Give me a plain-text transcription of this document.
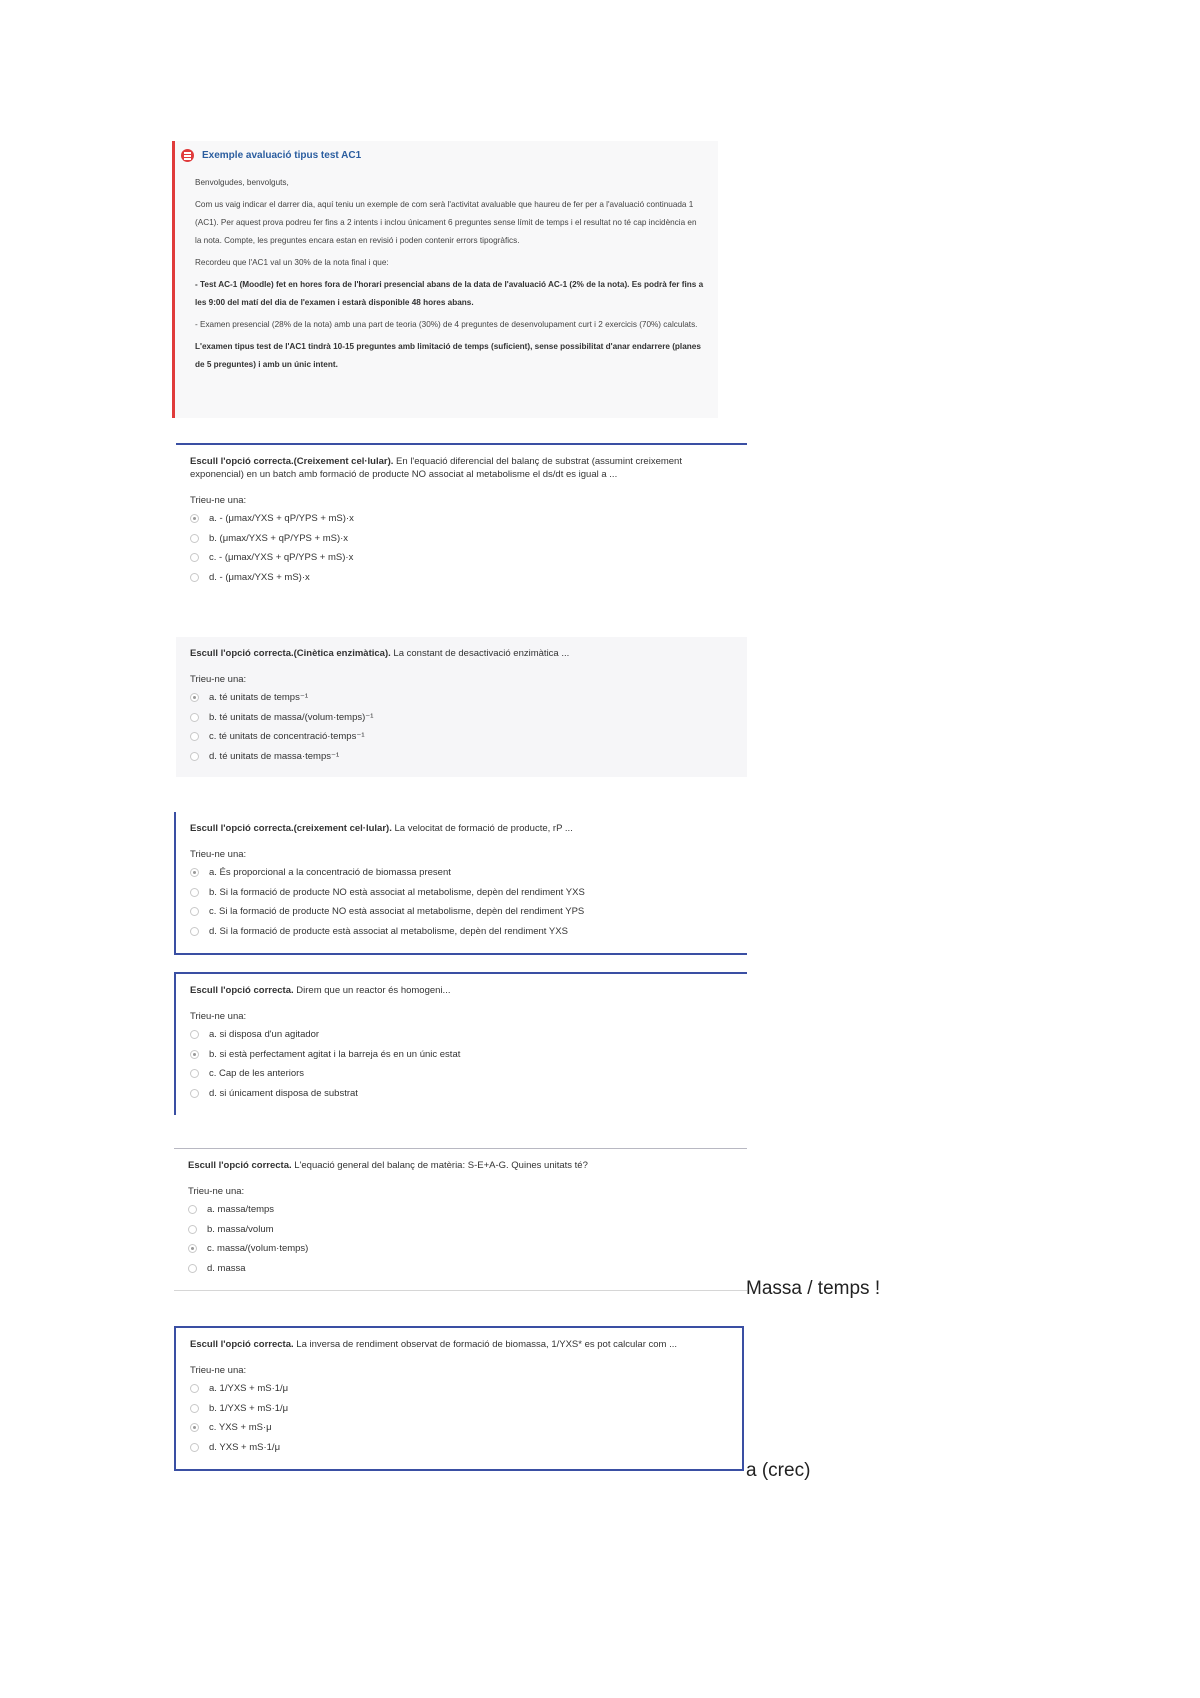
Exemple avaluació tipus test AC1

Benvolgudes, benvolguts,

Com us vaig indicar el darrer dia, aquí teniu un exemple de com serà l'activitat avaluable que haureu de fer per a l'avaluació continuada 1 (AC1). Per aquest prova podreu fer fins a 2 intents i inclou únicament 6 preguntes sense límit de temps i el resultat no té cap incidència en la nota. Compte, les preguntes encara estan en revisió i poden contenir errors tipogràfics.

Recordeu que l'AC1 val un 30% de la nota final i que:

- Test AC-1 (Moodle) fet en hores fora de l'horari presencial abans de la data de l'avaluació AC-1 (2% de la nota). Es podrà fer fins a les 9:00 del matí del dia de l'examen i estarà disponible 48 hores abans.

- Examen presencial (28% de la nota) amb una part de teoria (30%) de 4 preguntes de desenvolupament curt i 2 exercicis (70%) calculats.

L'examen tipus test de l'AC1 tindrà 10-15 preguntes amb limitació de temps (suficient), sense possibilitat d'anar endarrere (planes de 5 preguntes) i amb un únic intent.

Escull l'opció correcta.(Creixement cel·lular). En l'equació diferencial del balanç de substrat (assumint creixement exponencial) en un batch amb formació de producte NO associat al metabolisme el ds/dt es igual a ...
Trieu-ne una:
a. - (μmax/YXS + qP/YPS + mS)·x
b. (μmax/YXS + qP/YPS + mS)·x
c. - (μmax/YXS + qP/YPS + mS)·x
d. - (μmax/YXS + mS)·x
Escull l'opció correcta.(Cinètica enzimàtica). La constant de desactivació enzimàtica ...
Trieu-ne una:
a. té unitats de temps⁻¹
b. té unitats de massa/(volum·temps)⁻¹
c. té unitats de concentració·temps⁻¹
d. té unitats de massa·temps⁻¹
Escull l'opció correcta.(creixement cel·lular). La velocitat de formació de producte, rP ...
Trieu-ne una:
a. És proporcional a la concentració de biomassa present
b. Si la formació de producte NO està associat al metabolisme, depèn del rendiment YXS
c. Si la formació de producte NO està associat al metabolisme, depèn del rendiment YPS
d. Si la formació de producte està associat al metabolisme, depèn del rendiment YXS
Escull l'opció correcta. Direm que un reactor és homogeni...
Trieu-ne una:
a. si disposa d'un agitador
b. si està perfectament agitat i la barreja és en un únic estat
c. Cap de les anteriors
d. si únicament disposa de substrat
Escull l'opció correcta. L'equació general del balanç de matèria: S-E+A-G. Quines unitats té?
Trieu-ne una:
a. massa/temps
b. massa/volum
c. massa/(volum·temps)
d. massa
Escull l'opció correcta. La inversa de rendiment observat de formació de biomassa, 1/YXS* es pot calcular com ...
Trieu-ne una:
a. 1/YXS + mS·1/μ
b. 1/YXS + mS·1/μ
c. YXS + mS·μ
d. YXS + mS·1/μ
Massa / temps !
a (crec)
